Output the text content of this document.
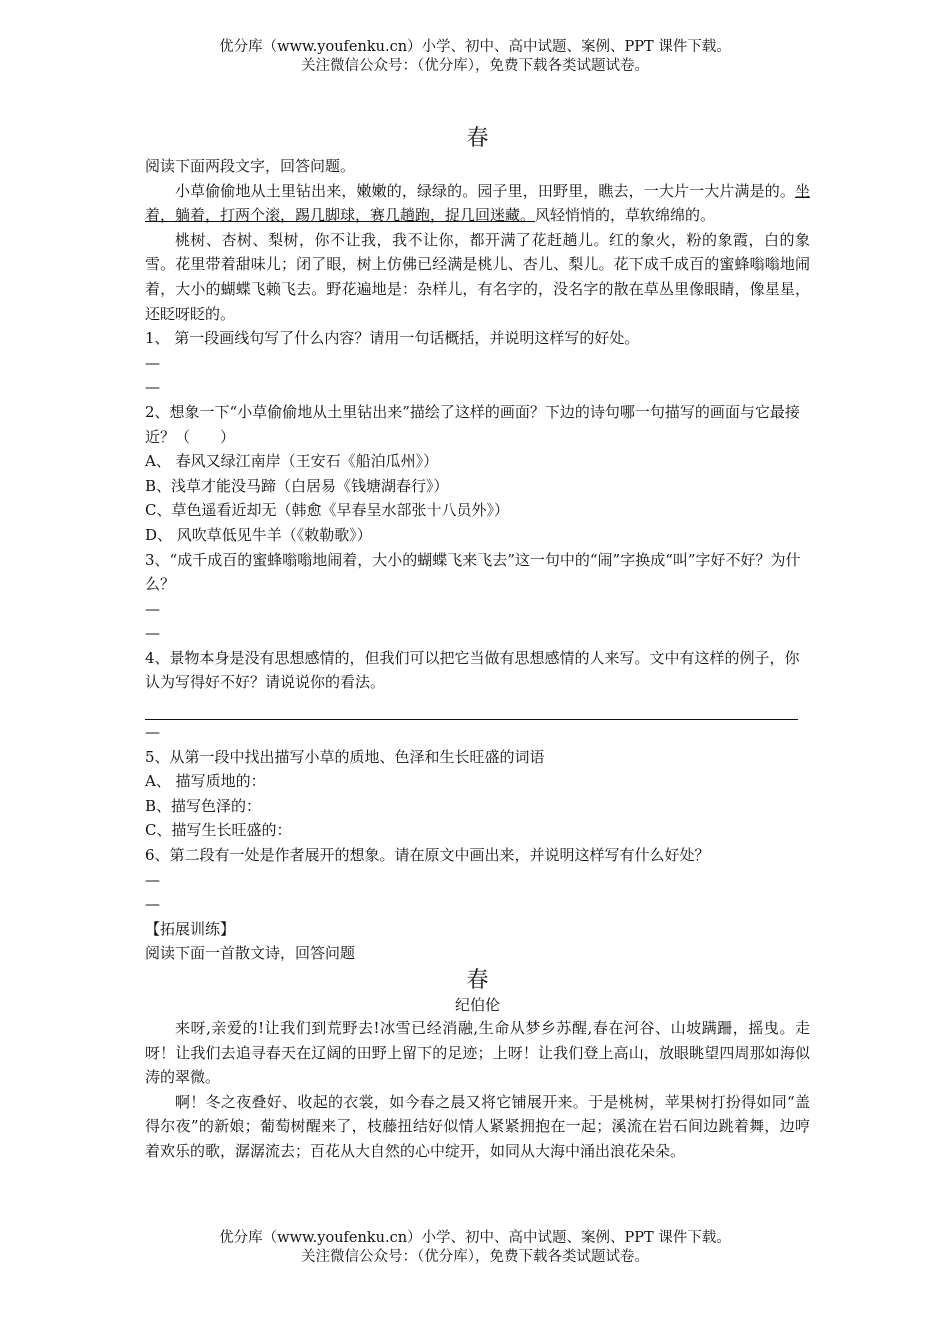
优分库（www.youfenku.cn）小学、初中、高中试题、案例、PPT 课件下载。
关注微信公众号：（优分库），免费下载各类试题试卷。
春
阅读下面两段文字，回答问题。
小草偷偷地从土里钻出来，嫩嫩的，绿绿的。园子里，田野里，瞧去，一大片一大片满是的。坐着，躺着，打两个滚，踢几脚球，赛几趟跑，捉几回迷藏。风轻悄悄的，草软绵绵的。
桃树、杏树、梨树，你不让我，我不让你，都开满了花赶趟儿。红的象火，粉的象霞，白的象雪。花里带着甜味儿；闭了眼，树上仿佛已经满是桃儿、杏儿、梨儿。花下成千成百的蜜蜂嗡嗡地闹着，大小的蝴蝶飞赖飞去。野花遍地是：杂样儿，有名字的，没名字的散在草丛里像眼睛，像星星，还眨呀眨的。
1、 第一段画线句写了什么内容？请用一句话概括，并说明这样写的好处。
—
—
2、想象一下“小草偷偷地从土里钻出来”描绘了这样的画面？下边的诗句哪一句描写的画面与它最接近？（　　）
A、 春风又绿江南岸（王安石《船泊瓜州》）
B、浅草才能没马蹄（白居易《钱塘湖春行》）
C、草色遥看近却无（韩愈《早春呈水部张十八员外》）
D、 风吹草低见牛羊（《敕勒歌》）
3、“成千成百的蜜蜂嗡嗡地闹着，大小的蝴蝶飞来飞去”这一句中的“闹”字换成“叫”字好不好？为什么？
—
—
4、景物本身是没有思想感情的，但我们可以把它当做有思想感情的人来写。文中有这样的例子，你认为写得好不好？请说说你的看法。
—
5、从第一段中找出描写小草的质地、色泽和生长旺盛的词语
A、 描写质地的：
B、描写色泽的：
C、描写生长旺盛的：
6、第二段有一处是作者展开的想象。请在原文中画出来，并说明这样写有什么好处？
—
—
【拓展训练】
阅读下面一首散文诗，回答问题
春
纪伯伦
来呀,亲爱的!让我们到荒野去!冰雪已经消融,生命从梦乡苏醒,春在河谷、山坡蹒跚，摇曳。走呀！让我们去追寻春天在辽阔的田野上留下的足迹；上呀！让我们登上高山，放眼眺望四周那如海似涛的翠微。
啊！冬之夜叠好、收起的衣裳，如今春之晨又将它铺展开来。于是桃树，苹果树打扮得如同“盖得尔夜”的新娘；葡萄树醒来了，枝藤扭结好似情人紧紧拥抱在一起；溪流在岩石间边跳着舞，边哼着欢乐的歌，潺潺流去；百花从大自然的心中绽开，如同从大海中涌出浪花朵朵。
优分库（www.youfenku.cn）小学、初中、高中试题、案例、PPT 课件下载。
关注微信公众号：（优分库），免费下载各类试题试卷。
